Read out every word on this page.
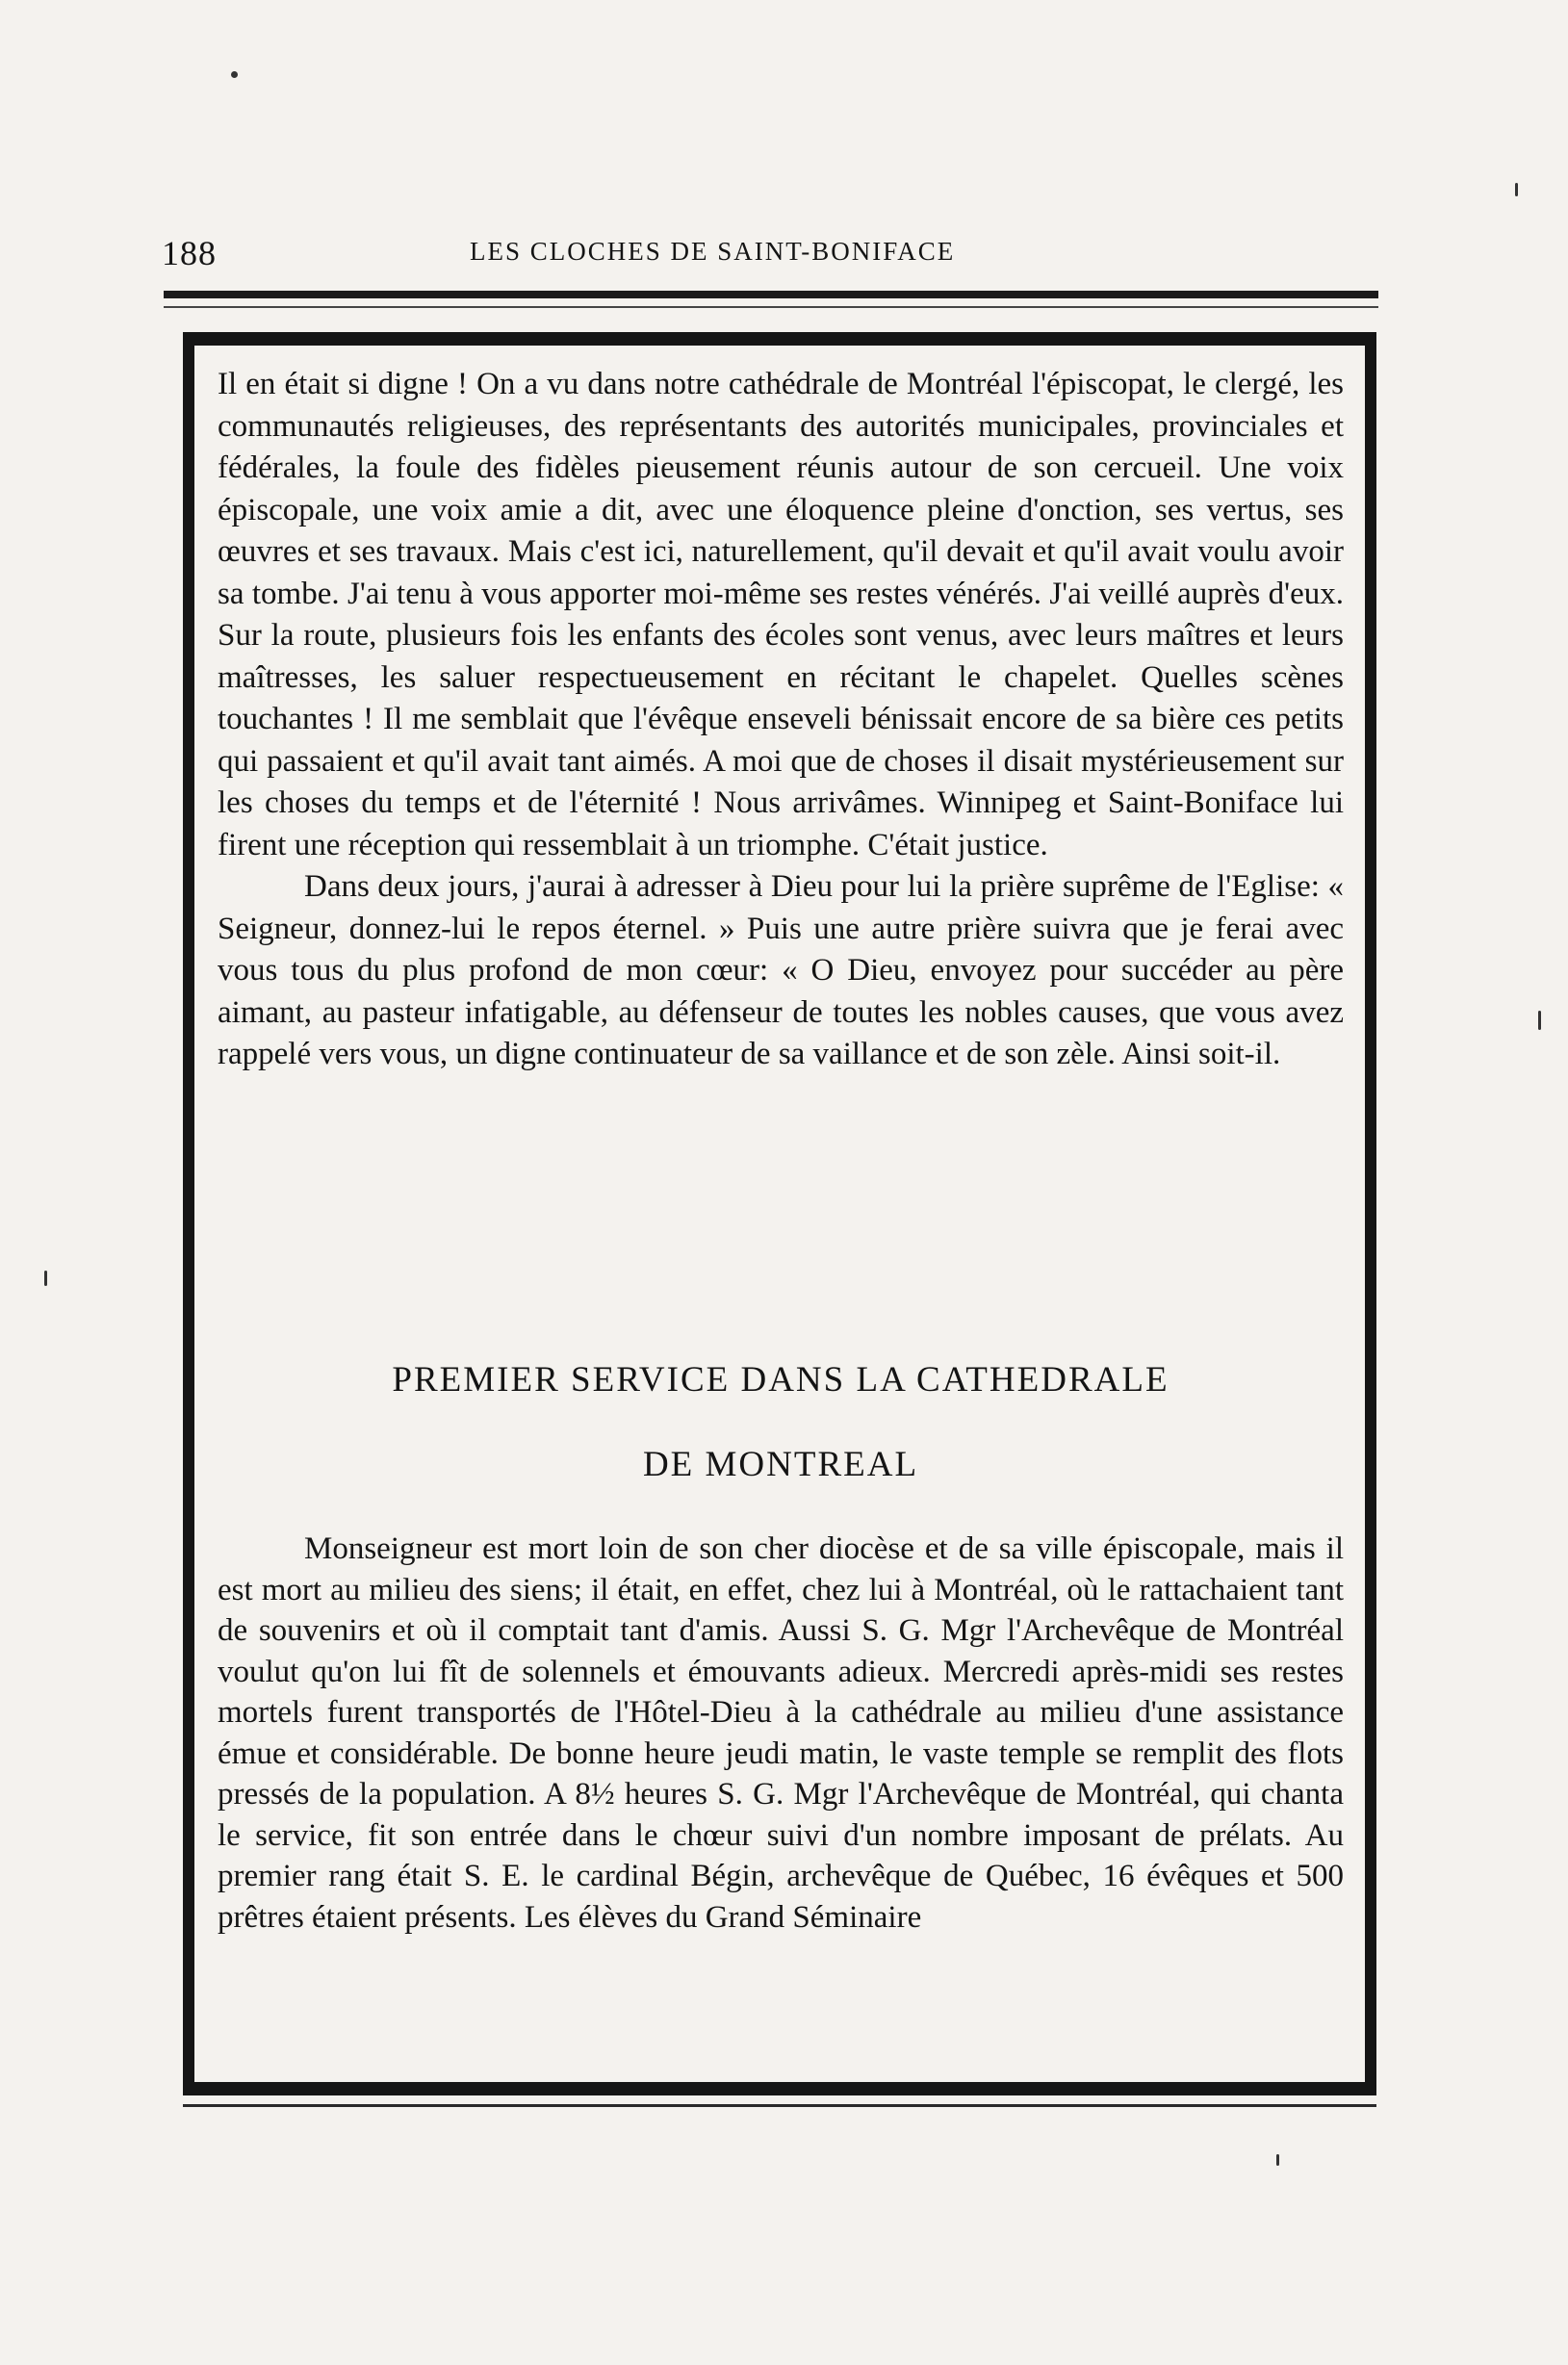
188	LES CLOCHES DE SAINT-BONIFACE

Il en était si digne ! On a vu dans notre cathédrale de Montréal l'épiscopat, le clergé, les communautés religieuses, des représentants des autorités municipales, provinciales et fédérales, la foule des fidèles pieusement réunis autour de son cercueil. Une voix épiscopale, une voix amie a dit, avec une éloquence pleine d'onction, ses vertus, ses œuvres et ses travaux. Mais c'est ici, naturellement, qu'il devait et qu'il avait voulu avoir sa tombe. J'ai tenu à vous apporter moi-même ses restes vénérés. J'ai veillé auprès d'eux. Sur la route, plusieurs fois les enfants des écoles sont venus, avec leurs maîtres et leurs maîtresses, les saluer respectueusement en récitant le chapelet. Quelles scènes touchantes ! Il me semblait que l'évêque enseveli bénissait encore de sa bière ces petits qui passaient et qu'il avait tant aimés. A moi que de choses il disait mystérieusement sur les choses du temps et de l'éternité ! Nous arrivâmes. Winnipeg et Saint-Boniface lui firent une réception qui ressemblait à un triomphe. C'était justice.

Dans deux jours, j'aurai à adresser à Dieu pour lui la prière suprême de l'Eglise: « Seigneur, donnez-lui le repos éternel. » Puis une autre prière suivra que je ferai avec vous tous du plus profond de mon cœur: « O Dieu, envoyez pour succéder au père aimant, au pasteur infatigable, au défenseur de toutes les nobles causes, que vous avez rappelé vers vous, un digne continuateur de sa vaillance et de son zèle. Ainsi soit-il.

PREMIER SERVICE DANS LA CATHEDRALE
DE MONTREAL

Monseigneur est mort loin de son cher diocèse et de sa ville épiscopale, mais il est mort au milieu des siens; il était, en effet, chez lui à Montréal, où le rattachaient tant de souvenirs et où il comptait tant d'amis. Aussi S. G. Mgr l'Archevêque de Montréal voulut qu'on lui fît de solennels et émouvants adieux. Mercredi après-midi ses restes mortels furent transportés de l'Hôtel-Dieu à la cathédrale au milieu d'une assistance émue et considérable. De bonne heure jeudi matin, le vaste temple se remplit des flots pressés de la population. A 8½ heures S. G. Mgr l'Archevêque de Montréal, qui chanta le service, fit son entrée dans le chœur suivi d'un nombre imposant de prélats. Au premier rang était S. E. le cardinal Bégin, archevêque de Québec, 16 évêques et 500 prêtres étaient présents. Les élèves du Grand Séminaire
